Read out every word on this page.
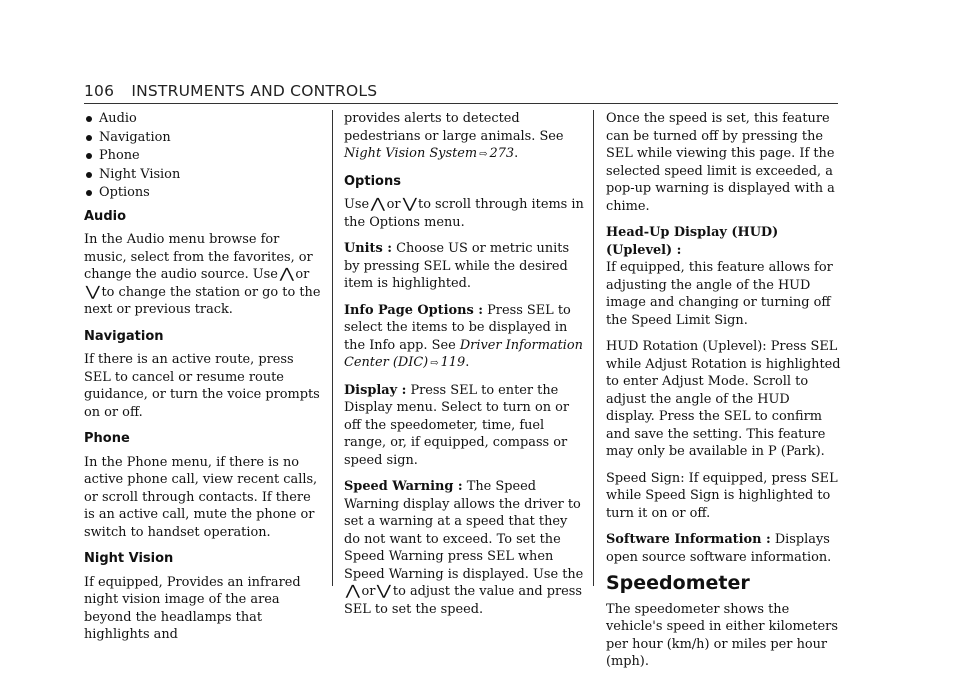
106 INSTRUMENTS AND CONTROLS
Audio
Navigation
Phone
Night Vision
Options
Audio

In the Audio menu browse for music, select from the favorites, or change the audio source. Use ⋀ or⋁ to change the station or go to the next or previous track.

Navigation

If there is an active route, press SEL to cancel or resume route guidance, or turn the voice prompts on or off.

Phone

In the Phone menu, if there is no active phone call, view recent calls, or scroll through contacts. If there is an active call, mute the phone or switch to handset operation.

Night Vision

If equipped, Provides an infrared night vision image of the area beyond the headlamps that highlights and

provides alerts to detected pedestrians or large animals. See Night Vision System ⇨ 273.

Options

Use ⋀ or ⋁ to scroll through items in the Options menu.

Units : Choose US or metric units by pressing SEL while the desired item is highlighted.

Info Page Options : Press SEL to select the items to be displayed in the Info app. See Driver Information Center (DIC) ⇨ 119.

Display : Press SEL to enter the Display menu. Select to turn on or off the speedometer, time, fuel range, or, if equipped, compass or speed sign.

Speed Warning : The Speed Warning display allows the driver to set a warning at a speed that they do not want to exceed. To set the Speed Warning press SEL when Speed Warning is displayed. Use the⋀ or ⋁ to adjust the value and press SEL to set the speed.

Once the speed is set, this feature can be turned off by pressing the SEL while viewing this page. If the selected speed limit is exceeded, a pop-up warning is displayed with a chime.

Head-Up Display (HUD) (Uplevel) :
If equipped, this feature allows for adjusting the angle of the HUD image and changing or turning off the Speed Limit Sign.

HUD Rotation (Uplevel): Press SEL while Adjust Rotation is highlighted to enter Adjust Mode. Scroll to adjust the angle of the HUD display. Press the SEL to confirm and save the setting. This feature may only be available in P (Park).

Speed Sign: If equipped, press SEL while Speed Sign is highlighted to turn it on or off.

Software Information : Displays open source software information.

Speedometer

The speedometer shows the vehicle's speed in either kilometers per hour (km/h) or miles per hour (mph).
